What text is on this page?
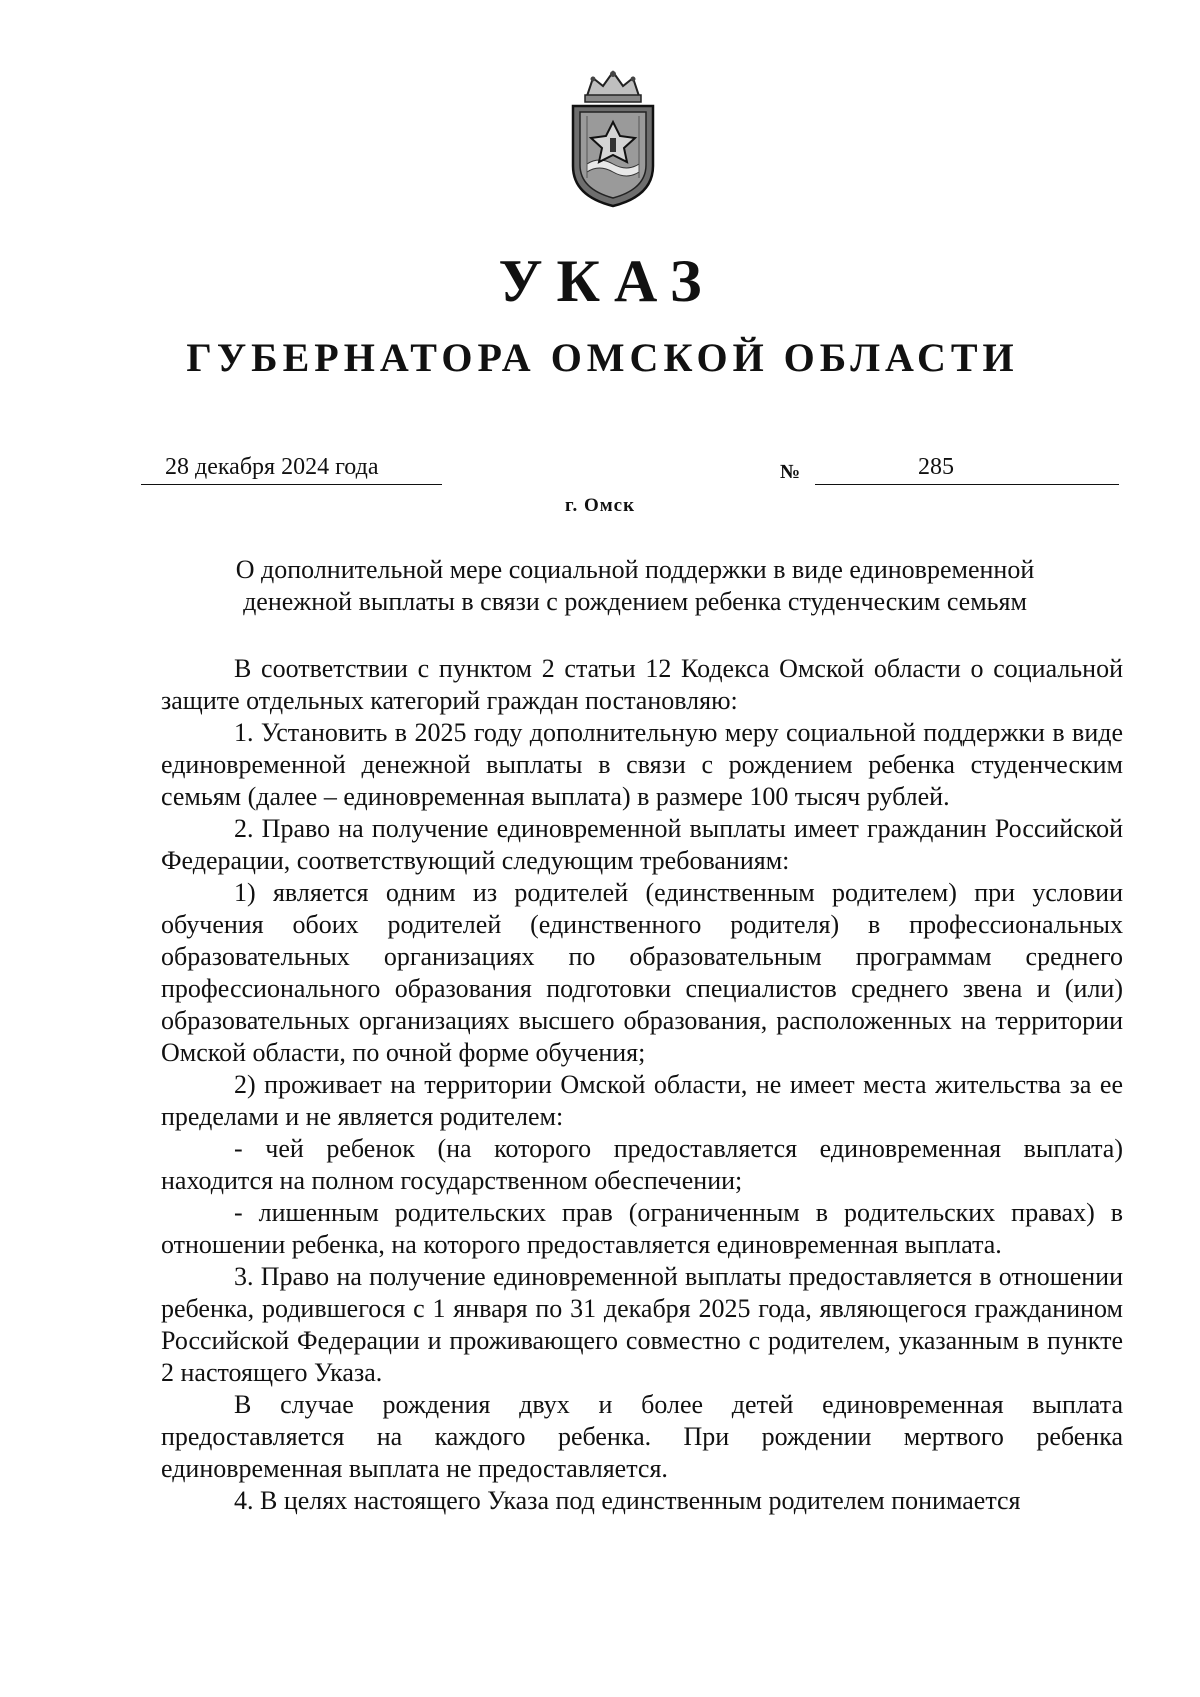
УКАЗ
ГУБЕРНАТОРА ОМСКОЙ ОБЛАСТИ
28 декабря 2024 года	№	285
г. Омск
О дополнительной мере социальной поддержки в виде единовременной
денежной выплаты в связи с рождением ребенка студенческим семьям

В соответствии с пунктом 2 статьи 12 Кодекса Омской области о социальной защите отдельных категорий граждан постановляю:

1. Установить в 2025 году дополнительную меру социальной поддержки в виде единовременной денежной выплаты в связи с рождением ребенка студенческим семьям (далее – единовременная выплата) в размере 100 тысяч рублей.

2. Право на получение единовременной выплаты имеет гражданин Российской Федерации, соответствующий следующим требованиям:

1) является одним из родителей (единственным родителем) при условии обучения обоих родителей (единственного родителя) в профессиональных образовательных организациях по образовательным программам среднего профессионального образования подготовки специалистов среднего звена и (или) образовательных организациях высшего образования, расположенных на территории Омской области, по очной форме обучения;

2) проживает на территории Омской области, не имеет места жительства за ее пределами и не является родителем:

- чей ребенок (на которого предоставляется единовременная выплата) находится на полном государственном обеспечении;

- лишенным родительских прав (ограниченным в родительских правах) в отношении ребенка, на которого предоставляется единовременная выплата.

3. Право на получение единовременной выплаты предоставляется в отношении ребенка, родившегося с 1 января по 31 декабря 2025 года, являющегося гражданином Российской Федерации и проживающего совместно с родителем, указанным в пункте 2 настоящего Указа.

В случае рождения двух и более детей единовременная выплата предоставляется на каждого ребенка. При рождении мертвого ребенка единовременная выплата не предоставляется.

4. В целях настоящего Указа под единственным родителем понимается
